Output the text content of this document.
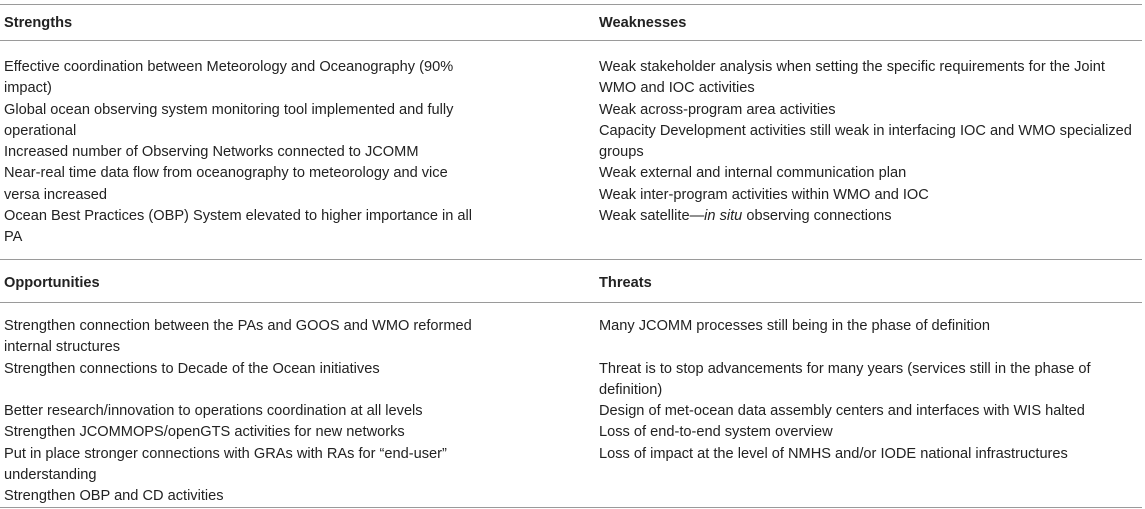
Strengths	Weaknesses

Effective coordination between Meteorology and Oceanography (90% impact)

Global ocean observing system monitoring tool implemented and fully operational

Increased number of Observing Networks connected to JCOMM

Near-real time data flow from oceanography to meteorology and vice versa increased

Ocean Best Practices (OBP) System elevated to higher importance in all PA

Weak stakeholder analysis when setting the specific requirements for the Joint WMO and IOC activities

Weak across-program area activities

Capacity Development activities still weak in interfacing IOC and WMO specialized groups

Weak external and internal communication plan

Weak inter-program activities within WMO and IOC

Weak satellite—in situ observing connections

Opportunities	Threats

Strengthen connection between the PAs and GOOS and WMO reformed internal structures

Strengthen connections to Decade of the Ocean initiatives

Better research/innovation to operations coordination at all levels

Strengthen JCOMMOPS/openGTS activities for new networks

Put in place stronger connections with GRAs with RAs for “end-user” understanding

Strengthen OBP and CD activities

Many JCOMM processes still being in the phase of definition

Threat is to stop advancements for many years (services still in the phase of definition)

Design of met-ocean data assembly centers and interfaces with WIS halted

Loss of end-to-end system overview

Loss of impact at the level of NMHS and/or IODE national infrastructures
